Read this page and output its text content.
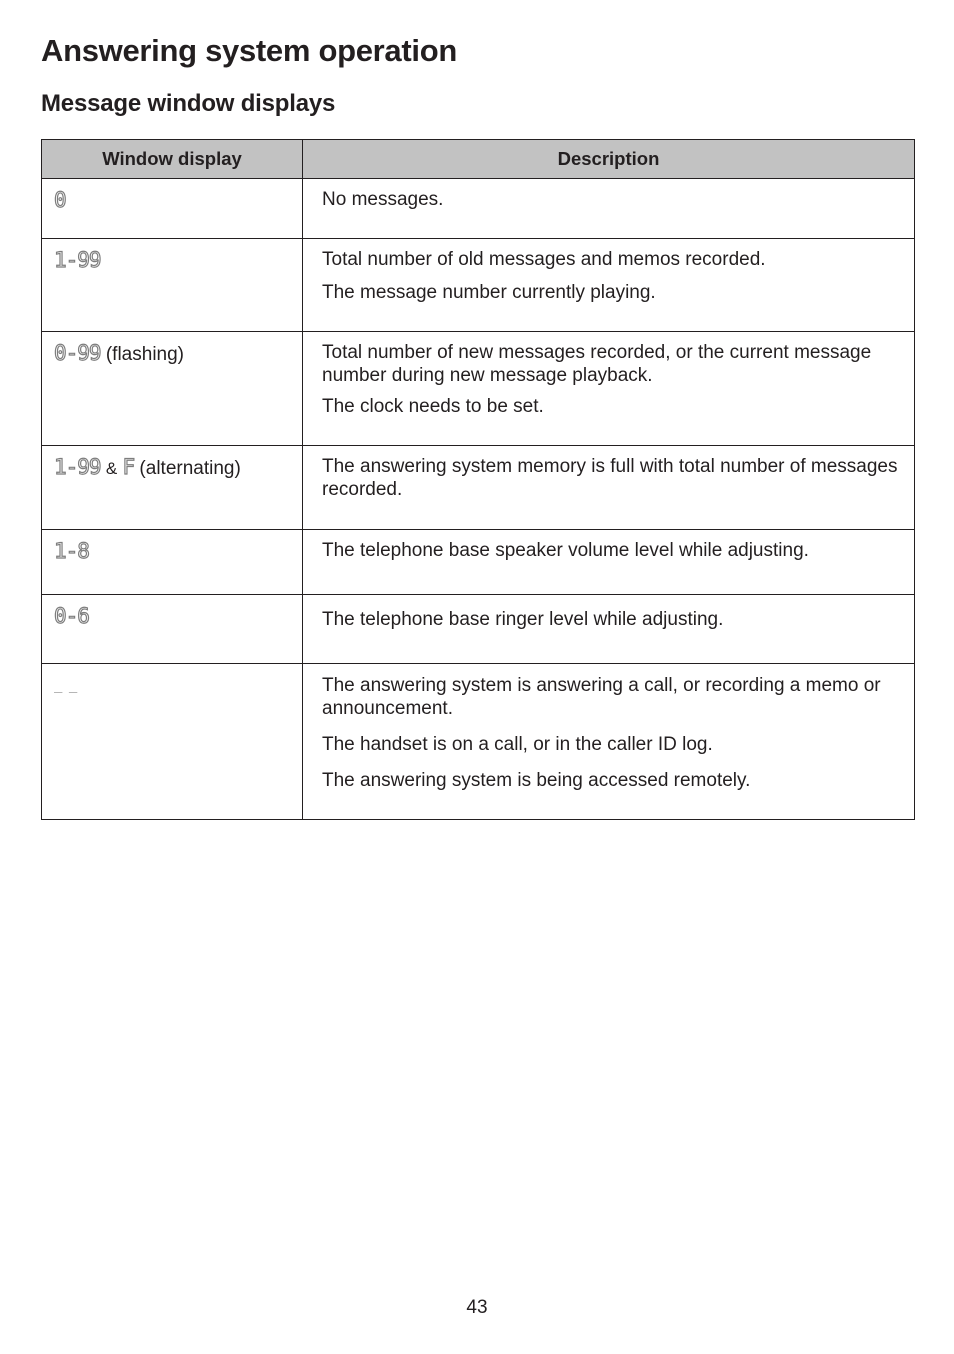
Answering system operation
Message window displays
Window display	Description
0	No messages.

1-99	Total number of old messages and memos recorded.

The message number currently playing.

0-99 (flashing)	Total number of new messages recorded, or the current message number during new message playback.

The clock needs to be set.

1-99 & F (alternating)	The answering system memory is full with total number of messages recorded.

1-8	The telephone base speaker volume level while adjusting.

0-6	The telephone base ringer level while adjusting.

_ _	The answering system is answering a call, or recording a memo or announcement.

The handset is on a call, or in the caller ID log.

The answering system is being accessed remotely.

43
